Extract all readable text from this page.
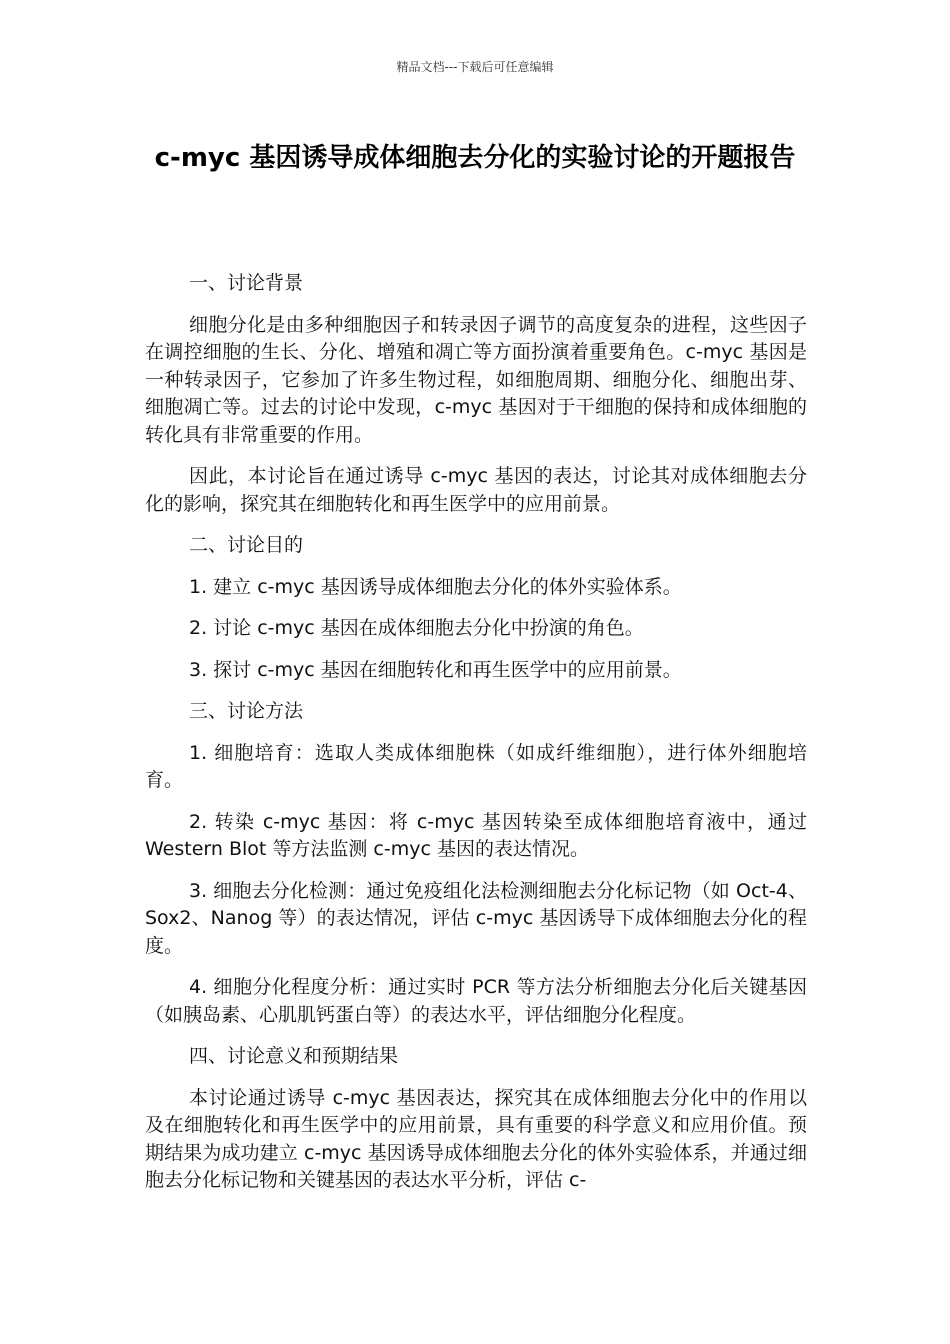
精品文档---下载后可任意编辑
c-myc 基因诱导成体细胞去分化的实验讨论的开题报告

一、讨论背景

细胞分化是由多种细胞因子和转录因子调节的高度复杂的进程，这些因子在调控细胞的生长、分化、增殖和凋亡等方面扮演着重要角色。c-myc 基因是一种转录因子，它参加了许多生物过程，如细胞周期、细胞分化、细胞出芽、细胞凋亡等。过去的讨论中发现，c-myc 基因对于干细胞的保持和成体细胞的转化具有非常重要的作用。

因此，本讨论旨在通过诱导 c-myc 基因的表达，讨论其对成体细胞去分化的影响，探究其在细胞转化和再生医学中的应用前景。

二、讨论目的

1. 建立 c-myc 基因诱导成体细胞去分化的体外实验体系。

2. 讨论 c-myc 基因在成体细胞去分化中扮演的角色。

3. 探讨 c-myc 基因在细胞转化和再生医学中的应用前景。

三、讨论方法

1. 细胞培育：选取人类成体细胞株（如成纤维细胞），进行体外细胞培育。

2. 转染 c-myc 基因：将 c-myc 基因转染至成体细胞培育液中，通过 Western Blot 等方法监测 c-myc 基因的表达情况。

3. 细胞去分化检测：通过免疫组化法检测细胞去分化标记物（如 Oct-4、Sox2、Nanog 等）的表达情况，评估 c-myc 基因诱导下成体细胞去分化的程度。

4. 细胞分化程度分析：通过实时 PCR 等方法分析细胞去分化后关键基因（如胰岛素、心肌肌钙蛋白等）的表达水平，评估细胞分化程度。

四、讨论意义和预期结果

本讨论通过诱导 c-myc 基因表达，探究其在成体细胞去分化中的作用以及在细胞转化和再生医学中的应用前景，具有重要的科学意义和应用价值。预期结果为成功建立 c-myc 基因诱导成体细胞去分化的体外实验体系，并通过细胞去分化标记物和关键基因的表达水平分析，评估 c-
